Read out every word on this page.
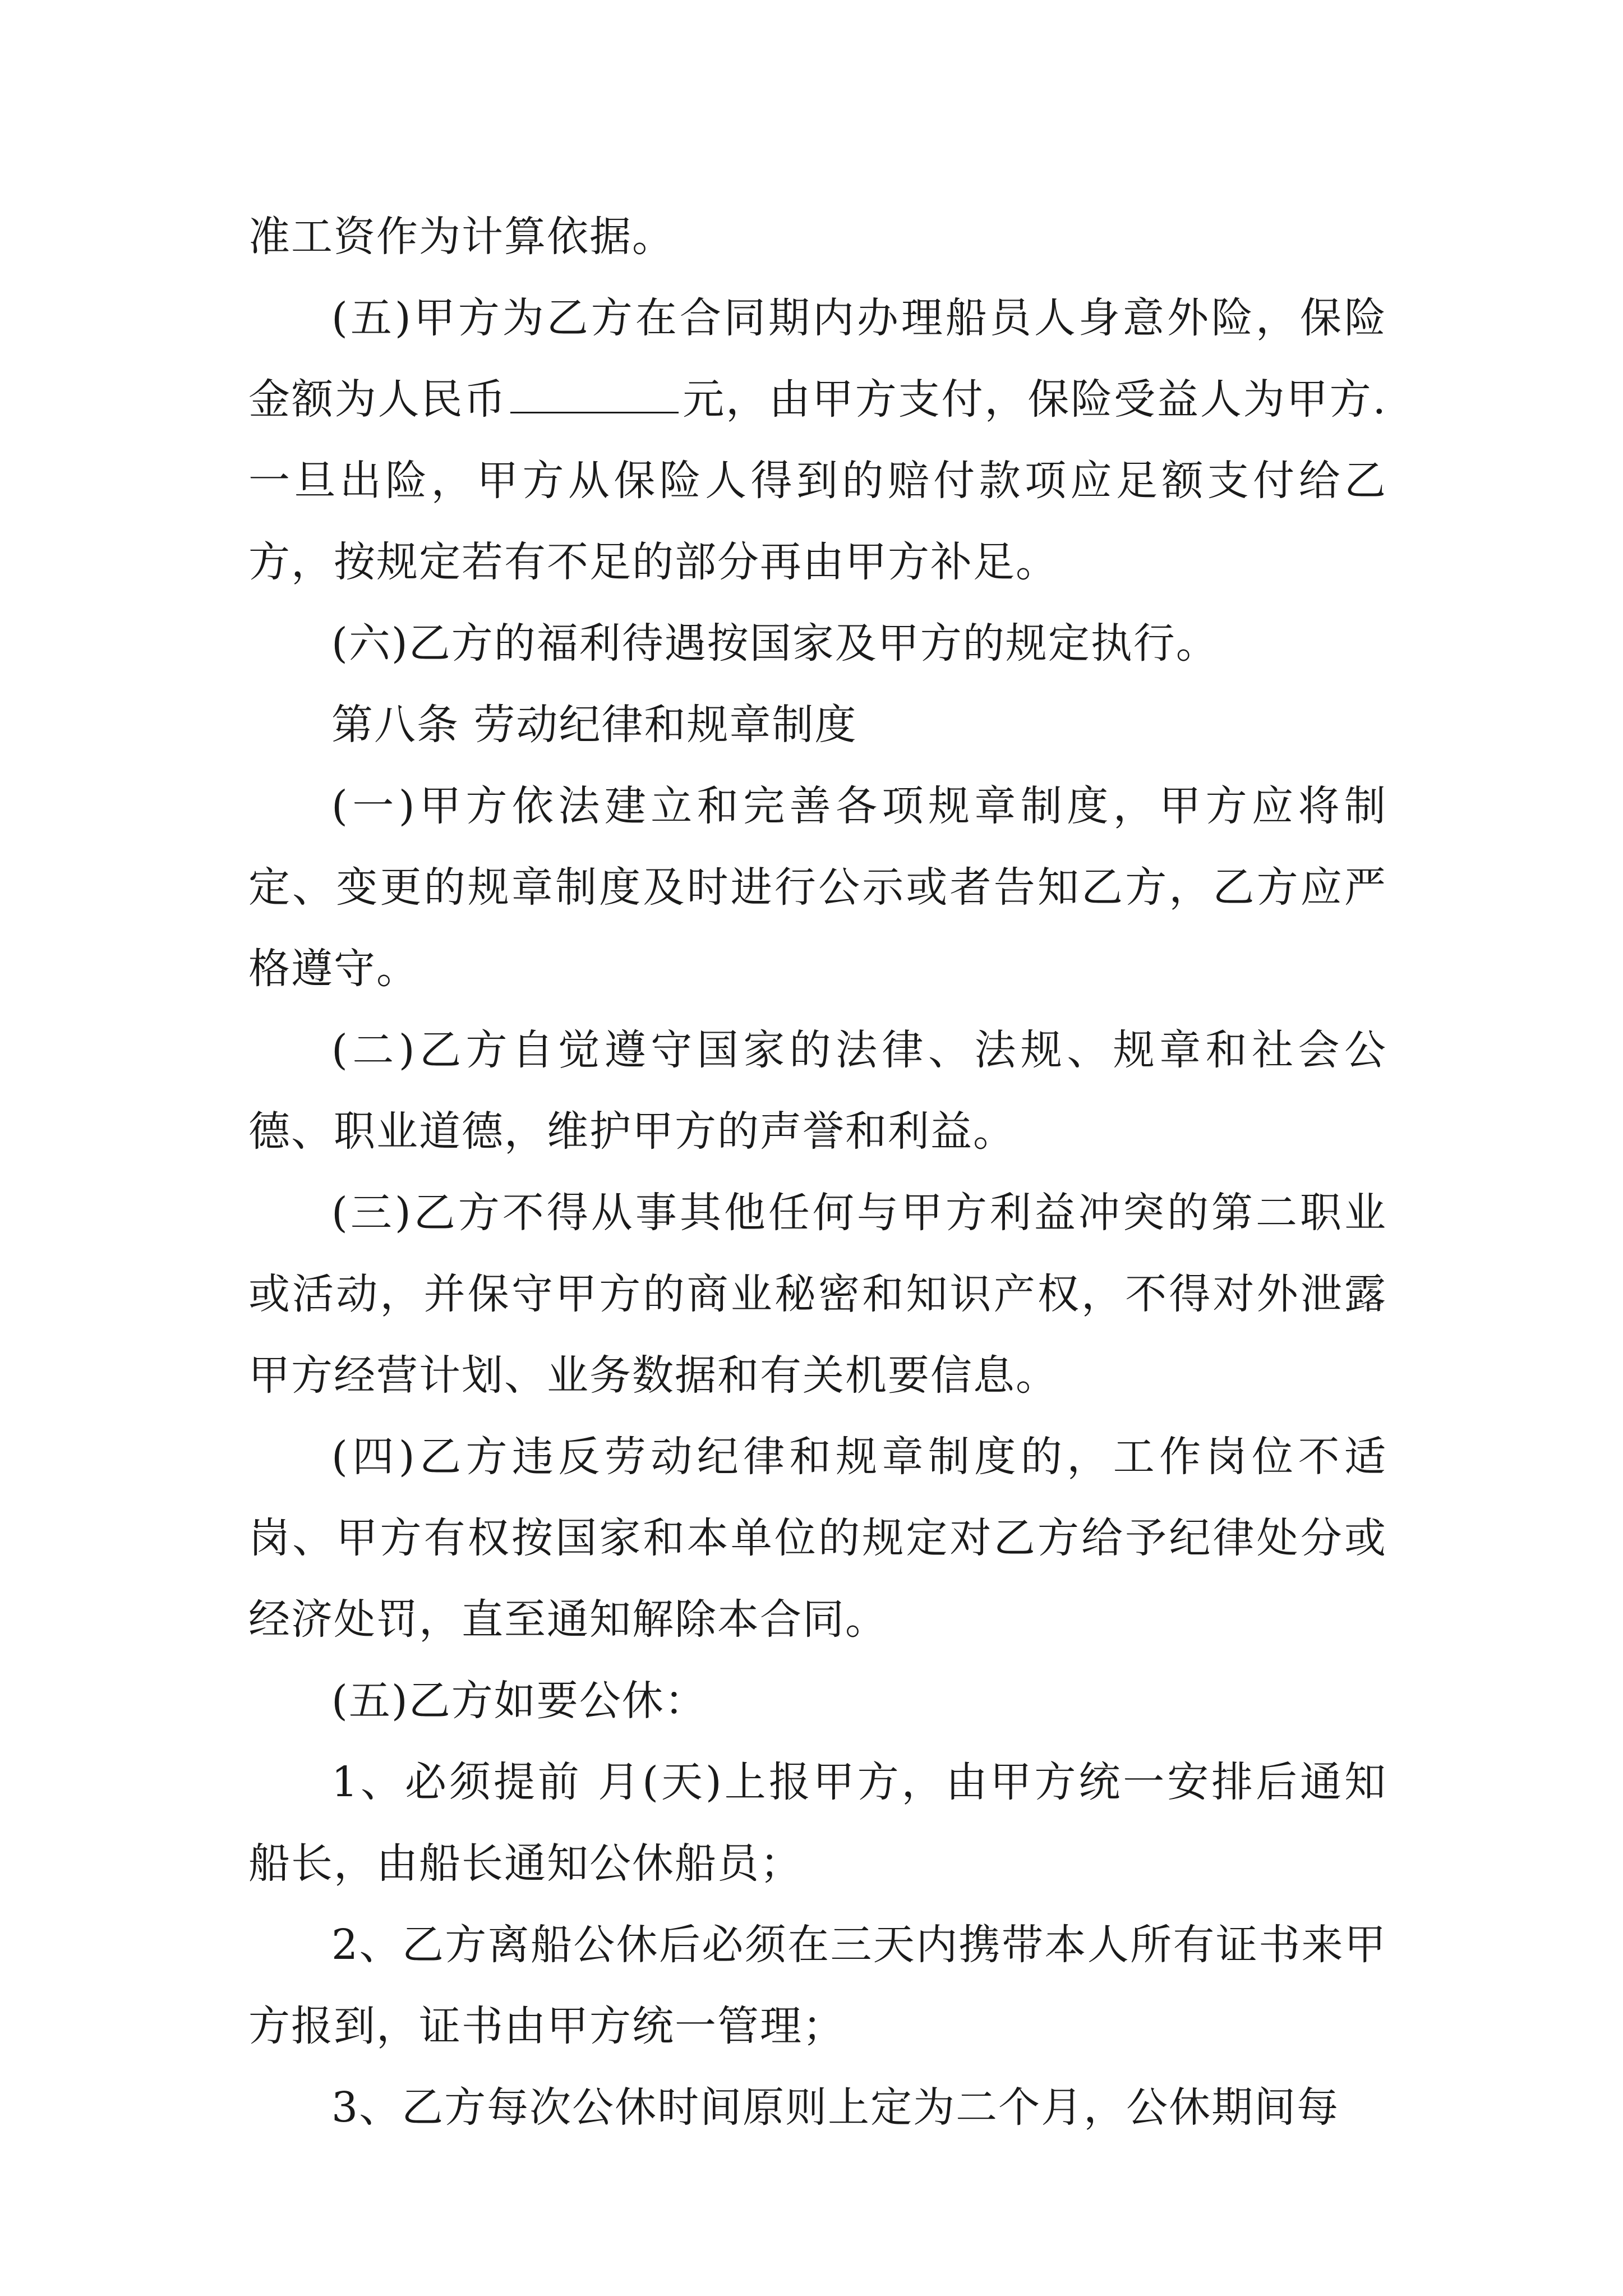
准工资作为计算依据。

(五)甲方为乙方在合同期内办理船员人身意外险，保险金额为人民币	元，由甲方支付，保险受益人为甲方.一旦出险，甲方从保险人得到的赔付款项应足额支付给乙方，按规定若有不足的部分再由甲方补足。

(六)乙方的福利待遇按国家及甲方的规定执行。

第八条 劳动纪律和规章制度

(一)甲方依法建立和完善各项规章制度，甲方应将制定、变更的规章制度及时进行公示或者告知乙方，乙方应严格遵守。

(二)乙方自觉遵守国家的法律、法规、规章和社会公德、职业道德，维护甲方的声誉和利益。

(三)乙方不得从事其他任何与甲方利益冲突的第二职业或活动，并保守甲方的商业秘密和知识产权，不得对外泄露甲方经营计划、业务数据和有关机要信息。

(四)乙方违反劳动纪律和规章制度的，工作岗位不适岗、甲方有权按国家和本单位的规定对乙方给予纪律处分或经济处罚，直至通知解除本合同。

(五)乙方如要公休：

1、必须提前 月(天)上报甲方，由甲方统一安排后通知船长，由船长通知公休船员；

2、乙方离船公休后必须在三天内携带本人所有证书来甲方报到，证书由甲方统一管理；

3、乙方每次公休时间原则上定为二个月，公休期间每
